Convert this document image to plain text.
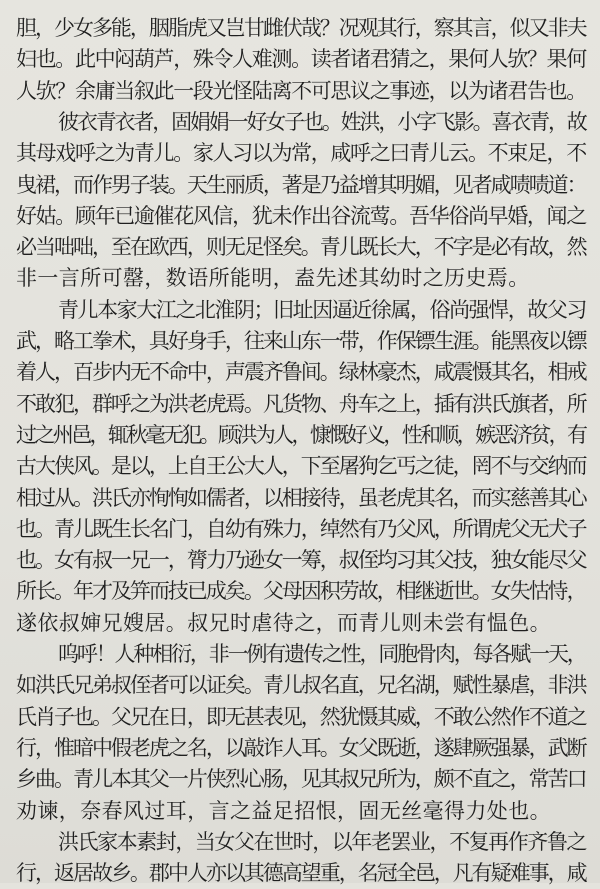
胆，少女多能，胭脂虎又岂甘雌伏哉？况观其行，察其言，似又非夫
妇也。此中闷葫芦，殊令人难测。读者诸君猜之，果何人欤？果何
人欤？余庸当叙此一段光怪陆离不可思议之事迹，以为诸君告也。
彼衣青衣者，固娟娟一好女子也。姓洪，小字飞影。喜衣青，故
其母戏呼之为青儿。家人习以为常，咸呼之曰青儿云。不束足，不
曳裙，而作男子装。天生丽质，著是乃益增其明媚，见者咸啧啧道：
好姑。顾年已逾催花风信，犹未作出谷流莺。吾华俗尚早婚，闻之
必当咄咄，至在欧西，则无足怪矣。青儿既长大，不字是必有故，然
非一言所可罄，数语所能明，盍先述其幼时之历史焉。
青儿本家大江之北淮阴；旧址因逼近徐属，俗尚强悍，故父习
武，略工拳术，具好身手，往来山东一带，作保镖生涯。能黑夜以镖
着人，百步内无不命中，声震齐鲁间。绿林豪杰，咸震慑其名，相戒
不敢犯，群呼之为洪老虎焉。凡货物、舟车之上，插有洪氏旗者，所
过之州邑，辄秋毫无犯。顾洪为人，慷慨好义，性和顺，嫉恶济贫，有
古大侠风。是以，上自王公大人，下至屠狗乞丐之徒，罔不与交纳而
相过从。洪氏亦恂恂如儒者，以相接待，虽老虎其名，而实慈善其心
也。青儿既生长名门，自幼有殊力，绰然有乃父风，所谓虎父无犬子
也。女有叔一兄一，膂力乃逊女一筹，叔侄均习其父技，独女能尽父
所长。年才及笄而技已成矣。父母因积劳故，相继逝世。女失怙恃，
遂依叔婶兄嫂居。叔兄时虐待之，而青儿则未尝有愠色。
呜呼！人种相衍，非一例有遗传之性，同胞骨肉，每各赋一天，
如洪氏兄弟叔侄者可以证矣。青儿叔名直，兄名湖，赋性暴虐，非洪
氏肖子也。父兄在日，即无甚表见，然犹慑其威，不敢公然作不道之
行，惟暗中假老虎之名，以敲诈人耳。女父既逝，遂肆厥强暴，武断
乡曲。青儿本其父一片侠烈心肠，见其叔兄所为，颇不直之，常苦口
劝谏，奈春风过耳，言之益足招恨，固无丝毫得力处也。
洪氏家本素封，当女父在世时，以年老罢业，不复再作齐鲁之
行，返居故乡。郡中人亦以其德高望重，名冠全邑，凡有疑难事，咸
